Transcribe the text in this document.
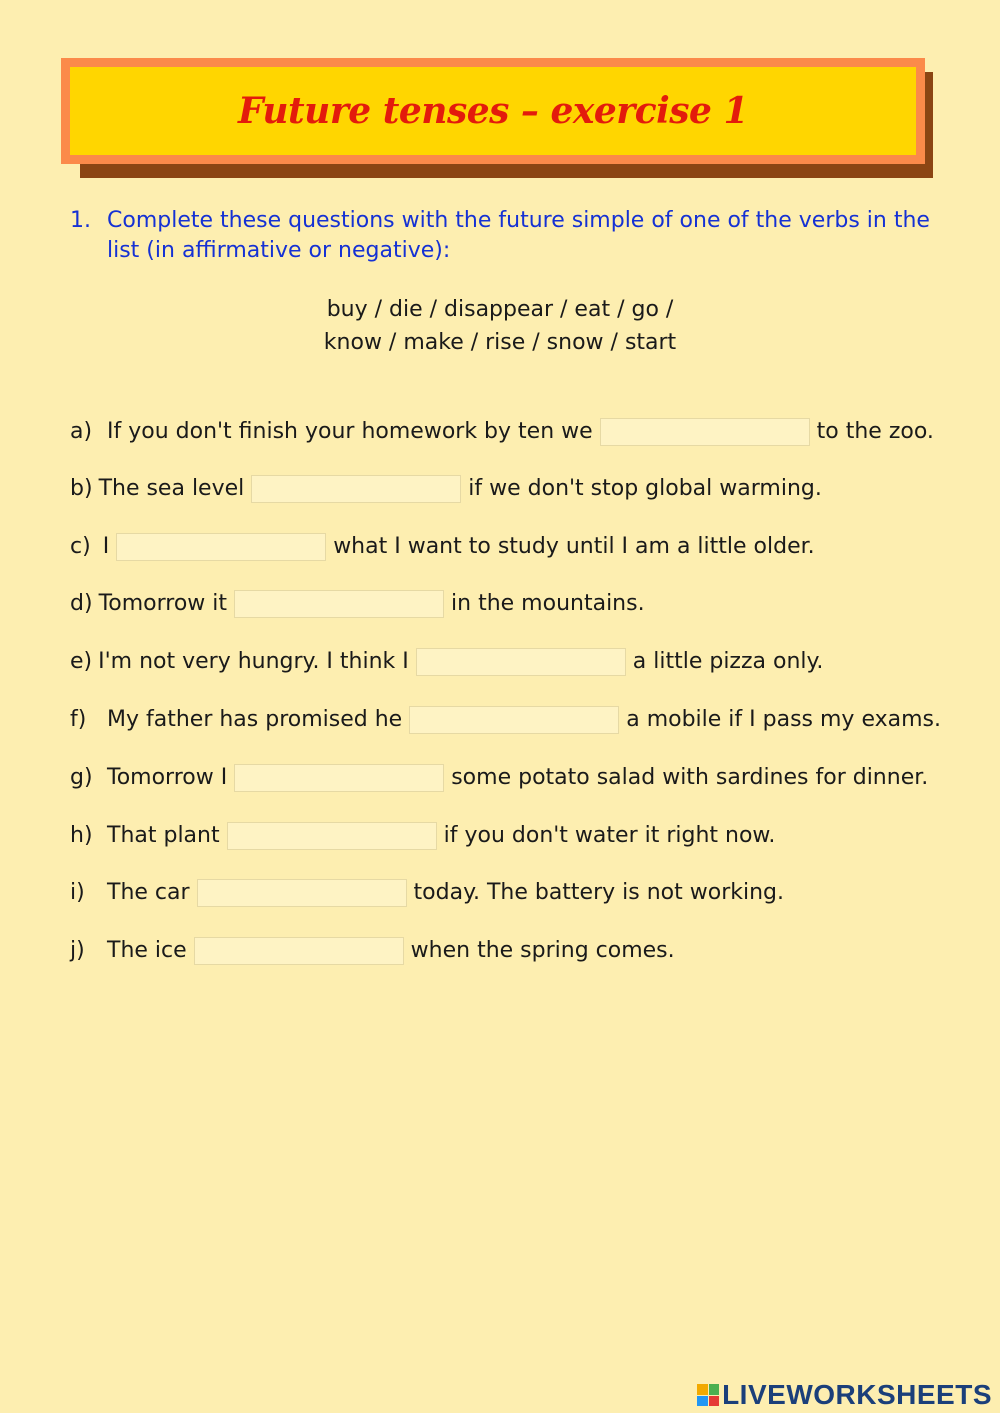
Future tenses – exercise 1
1. Complete these questions with the future simple of one of the verbs in the list (in affirmative or negative):
buy / die / disappear / eat / go /
know / make / rise / snow / start
a) If you don't finish your homework by ten we	to the zoo.
b) The sea level	if we don't stop global warming.
c) I	what I want to study until I am a little older.
d) Tomorrow it	in the mountains.
e) I'm not very hungry. I think I	a little pizza only.
f) My father has promised he	a mobile if I pass my exams.
g) Tomorrow I	some potato salad with sardines for dinner.
h) That plant	if you don't water it right now.
i)	The car	today. The battery is not working.
j)	The ice	when the spring comes.
LIVEWORKSHEETS
